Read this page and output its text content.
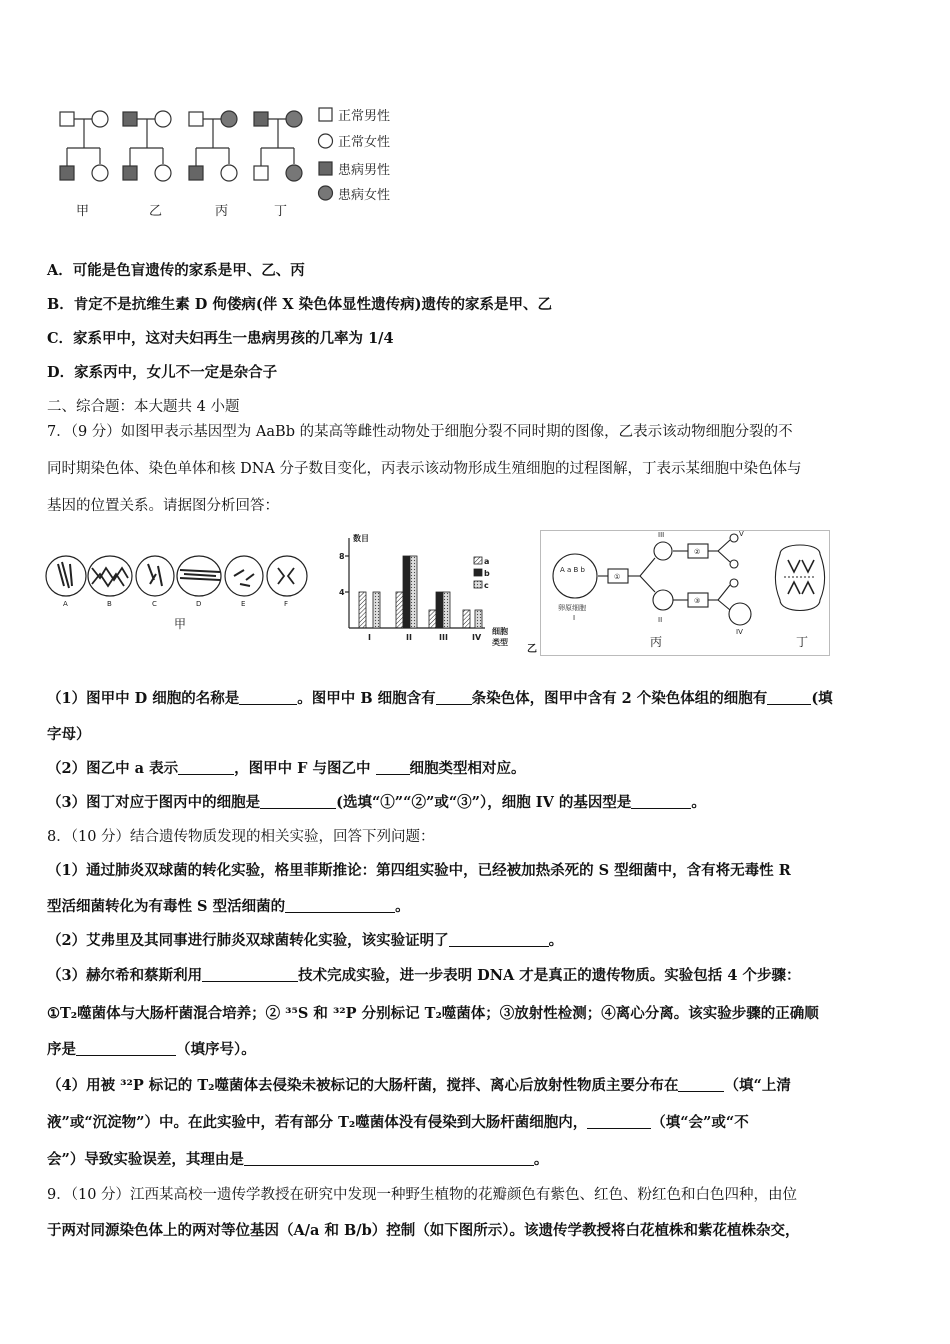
正常男性
正常女性
患病男性
患病女性
甲	乙	丙	丁
A．可能是色盲遗传的家系是甲、乙、丙
B．肯定不是抗维生素 D 佝偻病(伴 X 染色体显性遗传病)遗传的家系是甲、乙
C．家系甲中，这对夫妇再生一患病男孩的几率为 1/4
D．家系丙中，女儿不一定是杂合子
二、综合题：本大题共 4 小题
7．（9 分）如图甲表示基因型为 AaBb 的某高等雌性动物处于细胞分裂不同时期的图像，乙表示该动物细胞分裂的不
同时期染色体、染色单体和核 DNA 分子数目变化，丙表示该动物形成生殖细胞的过程图解，丁表示某细胞中染色体与
基因的位置关系。请据图分析回答：
A	B	C	D	E	F
甲
数目
8
4
I	II	III	IV
细胞
类型
a
b
c
乙
A a B b
卵原细胞
I
①
②
③
II
III
IV
V
丙	丁
（1）图甲中 D 细胞的名称是	。图甲中 B 细胞含有 条染色体，图甲中含有 2 个染色体组的细胞有	(填
字母）
（2）图乙中 a 表示	，图甲中 F 与图乙中 细胞类型相对应。
（3）图丁对应于图丙中的细胞是	(选填“①”“②”或“③”），细胞 IV 的基因型是	。
8．（10 分）结合遗传物质发现的相关实验，回答下列问题：
（1）通过肺炎双球菌的转化实验，格里菲斯推论：第四组实验中，已经被加热杀死的 S 型细菌中，含有将无毒性 R
型活细菌转化为有毒性 S 型活细菌的	。
（2）艾弗里及其同事进行肺炎双球菌转化实验，该实验证明了	。
（3）赫尔希和蔡斯利用	技术完成实验，进一步表明 DNA 才是真正的遗传物质。实验包括 4 个步骤：
①T₂噬菌体与大肠杆菌混合培养；② ³⁵S 和 ³²P 分别标记 T₂噬菌体；③放射性检测；④离心分离。该实验步骤的正确顺
序是	（填序号）。
（4）用被 ³²P 标记的 T₂噬菌体去侵染未被标记的大肠杆菌，搅拌、离心后放射性物质主要分布在	（填“上清
液”或“沉淀物”）中。在此实验中，若有部分 T₂噬菌体没有侵染到大肠杆菌细胞内，	（填“会”或“不
会”）导致实验误差，其理由是	。
9．（10 分）江西某高校一遗传学教授在研究中发现一种野生植物的花瓣颜色有紫色、红色、粉红色和白色四种，由位
于两对同源染色体上的两对等位基因（A/a 和 B/b）控制（如下图所示）。该遗传学教授将白花植株和紫花植株杂交，
